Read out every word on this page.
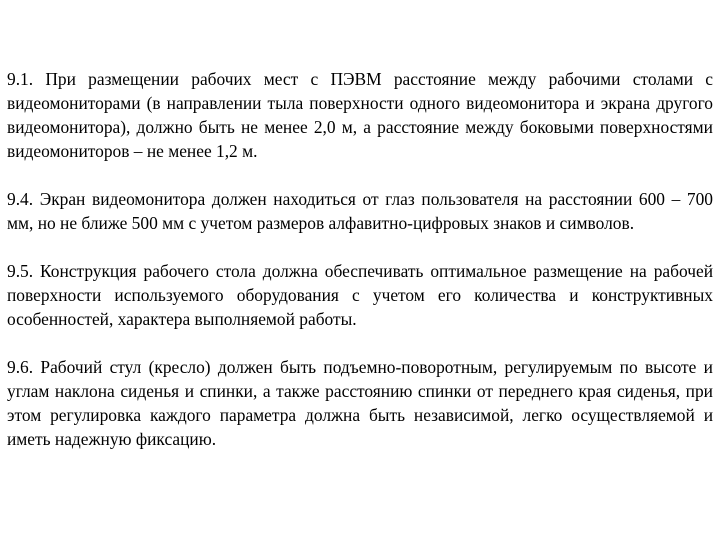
9.1. При размещении рабочих мест с ПЭВМ расстояние между рабочими столами с видеомониторами (в направлении тыла поверхности одного видеомонитора и экрана другого видеомонитора), должно быть не менее 2,0 м, а расстояние между боковыми поверхностями видеомониторов – не менее 1,2 м.

9.4. Экран видеомонитора должен находиться от глаз пользователя на расстоянии 600 – 700 мм, но не ближе 500 мм с учетом размеров алфавитно-цифровых знаков и символов.

9.5. Конструкция рабочего стола должна обеспечивать оптимальное размещение на рабочей поверхности используемого оборудования с учетом его количества и конструктивных особенностей, характера выполняемой работы.

9.6. Рабочий стул (кресло) должен быть подъемно-поворотным, регулируемым по высоте и углам наклона сиденья и спинки, а также расстоянию спинки от переднего края сиденья, при этом регулировка каждого параметра должна быть независимой, легко осуществляемой и иметь надежную фиксацию.
